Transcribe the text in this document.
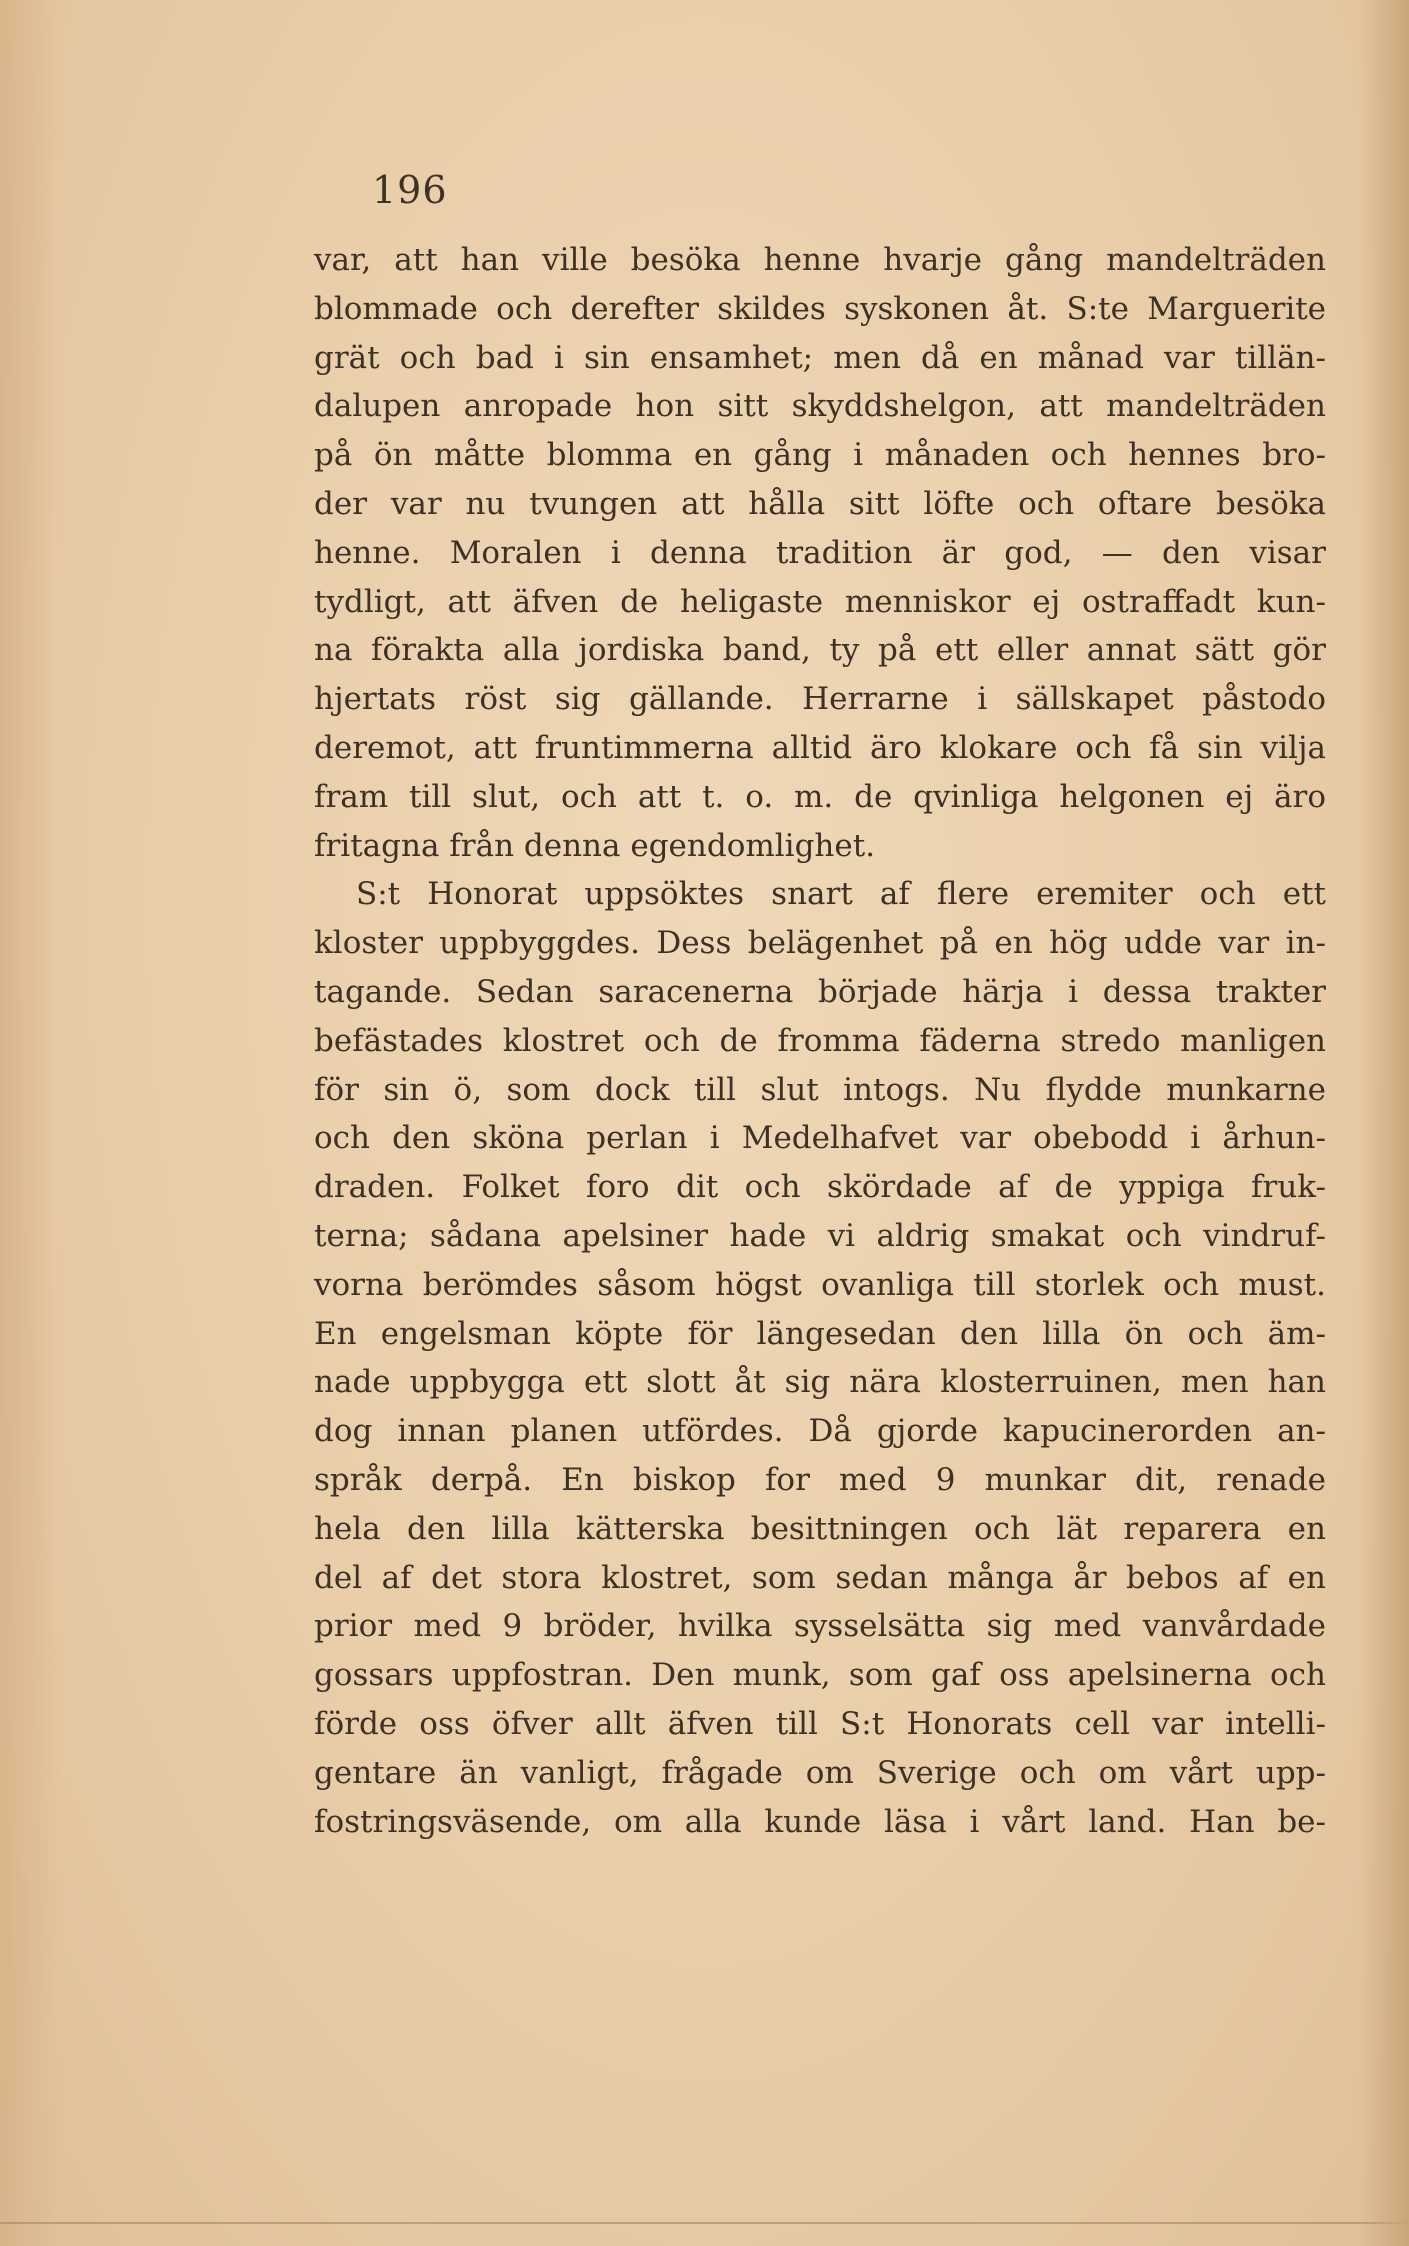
196
var, att han ville besöka henne hvarje gång mandelträden
blommade och derefter skildes syskonen åt. S:te Marguerite
grät och bad i sin ensamhet; men då en månad var tillän-
dalupen anropade hon sitt skyddshelgon, att mandelträden
på ön måtte blomma en gång i månaden och hennes bro-
der var nu tvungen att hålla sitt löfte och oftare besöka
henne. Moralen i denna tradition är god, — den visar
tydligt, att äfven de heligaste menniskor ej ostraffadt kun-
na förakta alla jordiska band, ty på ett eller annat sätt gör
hjertats röst sig gällande. Herrarne i sällskapet påstodo
deremot, att fruntimmerna alltid äro klokare och få sin vilja
fram till slut, och att t. o. m. de qvinliga helgonen ej äro
fritagna från denna egendomlighet.
S:t Honorat uppsöktes snart af flere eremiter och ett
kloster uppbyggdes. Dess belägenhet på en hög udde var in-
tagande. Sedan saracenerna började härja i dessa trakter
befästades klostret och de fromma fäderna stredo manligen
för sin ö, som dock till slut intogs. Nu flydde munkarne
och den sköna perlan i Medelhafvet var obebodd i århun-
draden. Folket foro dit och skördade af de yppiga fruk-
terna; sådana apelsiner hade vi aldrig smakat och vindruf-
vorna berömdes såsom högst ovanliga till storlek och must.
En engelsman köpte för längesedan den lilla ön och äm-
nade uppbygga ett slott åt sig nära klosterruinen, men han
dog innan planen utfördes. Då gjorde kapucinerorden an-
språk derpå. En biskop for med 9 munkar dit, renade
hela den lilla kätterska besittningen och lät reparera en
del af det stora klostret, som sedan många år bebos af en
prior med 9 bröder, hvilka sysselsätta sig med vanvårdade
gossars uppfostran. Den munk, som gaf oss apelsinerna och
förde oss öfver allt äfven till S:t Honorats cell var intelli-
gentare än vanligt, frågade om Sverige och om vårt upp-
fostringsväsende, om alla kunde läsa i vårt land. Han be-
